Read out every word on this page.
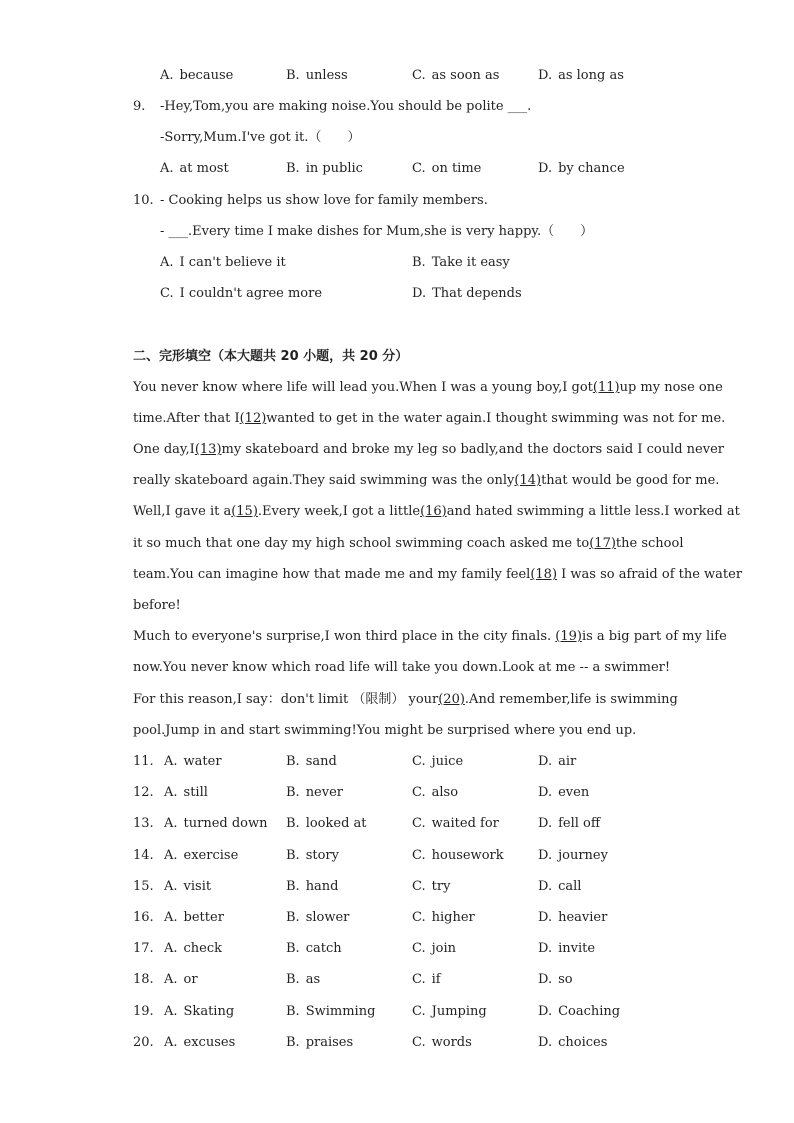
A. because	B. unless	C. as soon as	D. as long as
9. -Hey,Tom,you are making noise.You should be polite ___.
-Sorry,Mum.I've got it.（　　）
A. at most	B. in public	C. on time	D. by chance
10. - Cooking helps us show love for family members.
- ___.Every time I make dishes for Mum,she is very happy.（　　）
A. I can't believe it	B. Take it easy
C. I couldn't agree more	D. That depends
二、完形填空（本大题共 20 小题，共 20 分）
You never know where life will lead you.When I was a young boy,I got(11)up my nose one
time.After that I(12)wanted to get in the water again.I thought swimming was not for me.
One day,I(13)my skateboard and broke my leg so badly,and the doctors said I could never
really skateboard again.They said swimming was the only(14)that would be good for me.
Well,I gave it a(15).Every week,I got a little(16)and hated swimming a little less.I worked at
it so much that one day my high school swimming coach asked me to(17)the school
team.You can imagine how that made me and my family feel(18) I was so afraid of the water
before!
Much to everyone's surprise,I won third place in the city finals. (19)is a big part of my life
now.You never know which road life will take you down.Look at me -- a swimmer!
For this reason,I say：don't limit （限制） your(20).And remember,life is swimming
pool.Jump in and start swimming!You might be surprised where you end up.
11. A. water	B. sand	C. juice	D. air
12. A. still	B. never	C. also	D. even
13. A. turned down B. looked at	C. waited for	D. fell off
14. A. exercise	B. story	C. housework	D. journey
15. A. visit	B. hand	C. try	D. call
16. A. better	B. slower	C. higher	D. heavier
17. A. check	B. catch	C. join	D. invite
18. A. or	B. as	C. if	D. so
19. A. Skating	B. Swimming	C. Jumping	D. Coaching
20. A. excuses	B. praises	C. words	D. choices
